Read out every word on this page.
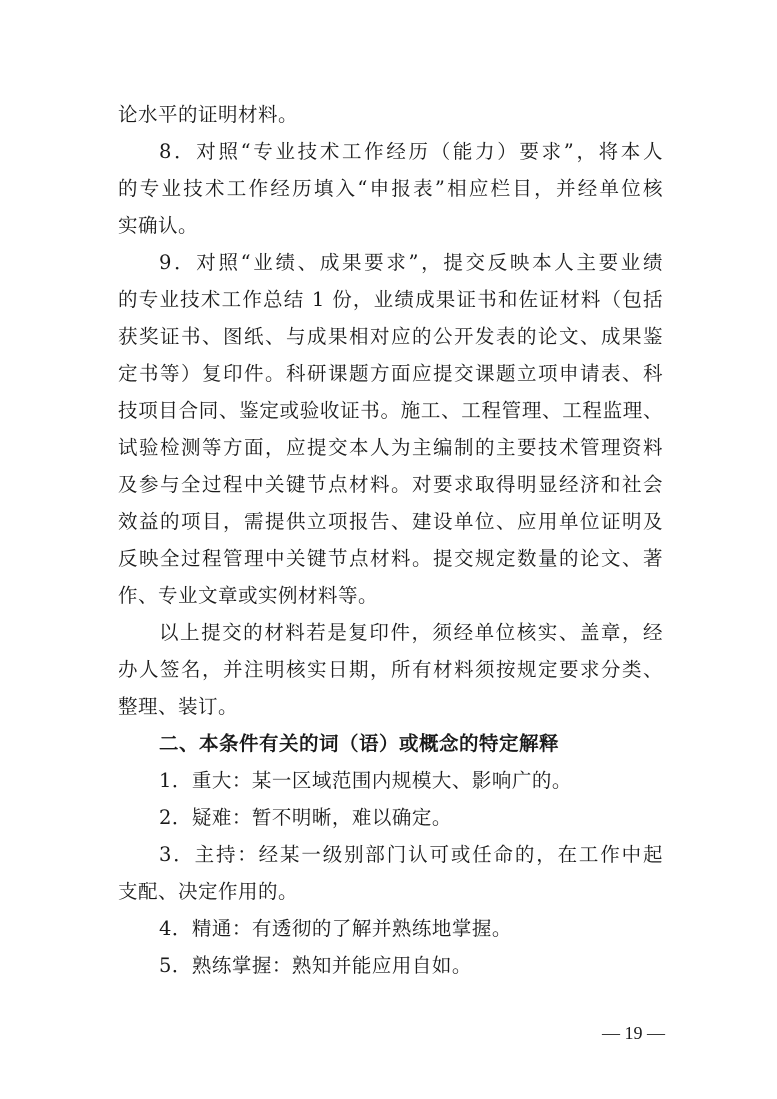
论水平的证明材料。
8．对照“专业技术工作经历（能力）要求”，将本人
的专业技术工作经历填入“申报表”相应栏目，并经单位核
实确认。
9．对照“业绩、成果要求”，提交反映本人主要业绩
的专业技术工作总结 1 份，业绩成果证书和佐证材料（包括
获奖证书、图纸、与成果相对应的公开发表的论文、成果鉴
定书等）复印件。科研课题方面应提交课题立项申请表、科
技项目合同、鉴定或验收证书。施工、工程管理、工程监理、
试验检测等方面，应提交本人为主编制的主要技术管理资料
及参与全过程中关键节点材料。对要求取得明显经济和社会
效益的项目，需提供立项报告、建设单位、应用单位证明及
反映全过程管理中关键节点材料。提交规定数量的论文、著
作、专业文章或实例材料等。
以上提交的材料若是复印件，须经单位核实、盖章，经
办人签名，并注明核实日期，所有材料须按规定要求分类、
整理、装订。
二、本条件有关的词（语）或概念的特定解释
1．重大：某一区域范围内规模大、影响广的。
2．疑难：暂不明晰，难以确定。
3．主持：经某一级别部门认可或任命的，在工作中起
支配、决定作用的。
4．精通：有透彻的了解并熟练地掌握。
5．熟练掌握：熟知并能应用自如。
— 19 —
